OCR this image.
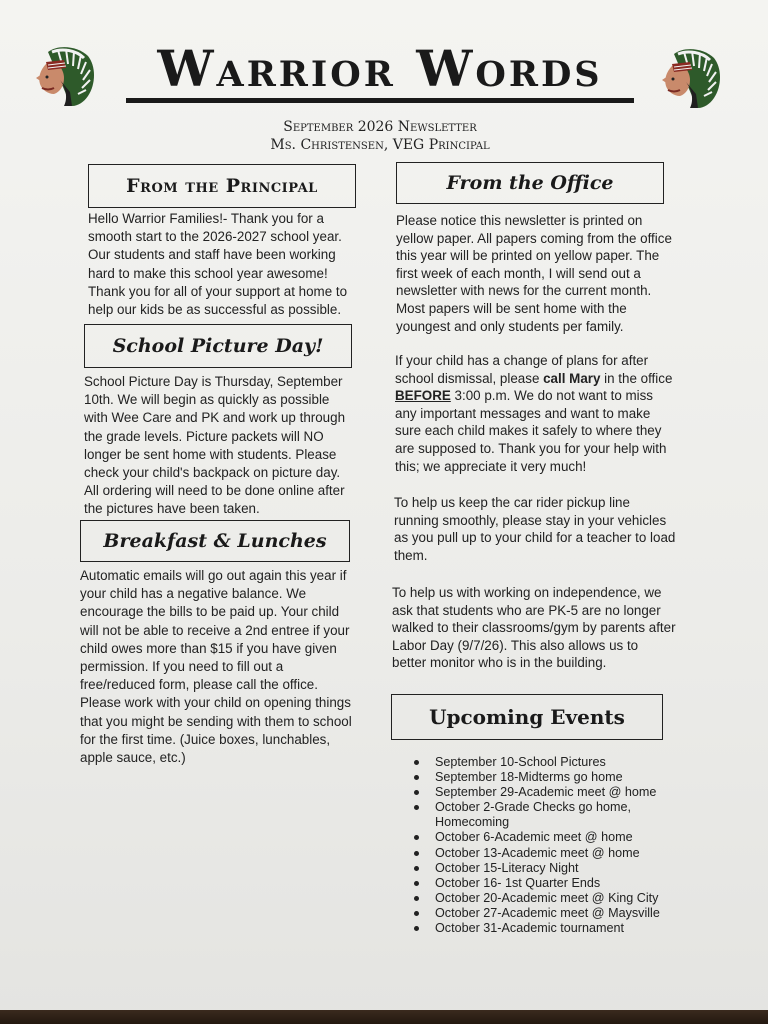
Warrior Words
September 2026 Newsletter
Ms. Christensen, VEG Principal
From the Principal
Hello Warrior Families!- Thank you for a smooth start to the 2026-2027 school year. Our students and staff have been working hard to make this school year awesome! Thank you for all of your support at home to help our kids be as successful as possible.
School Picture Day!
School Picture Day is Thursday, September 10th. We will begin as quickly as possible with Wee Care and PK and work up through the grade levels. Picture packets will NO longer be sent home with students. Please check your child's backpack on picture day. All ordering will need to be done online after the pictures have been taken.
Breakfast & Lunches
Automatic emails will go out again this year if your child has a negative balance. We encourage the bills to be paid up. Your child will not be able to receive a 2nd entree if your child owes more than $15 if you have given permission. If you need to fill out a free/reduced form, please call the office. Please work with your child on opening things that you might be sending with them to school for the first time. (Juice boxes, lunchables, apple sauce, etc.)
From the Office
Please notice this newsletter is printed on yellow paper. All papers coming from the office this year will be printed on yellow paper. The first week of each month, I will send out a newsletter with news for the current month. Most papers will be sent home with the youngest and only students per family.
If your child has a change of plans for after school dismissal, please call Mary in the office BEFORE 3:00 p.m. We do not want to miss any important messages and want to make sure each child makes it safely to where they are supposed to. Thank you for your help with this; we appreciate it very much!
To help us keep the car rider pickup line running smoothly, please stay in your vehicles as you pull up to your child for a teacher to load them.
To help us with working on independence, we ask that students who are PK-5 are no longer walked to their classrooms/gym by parents after Labor Day (9/7/26). This also allows us to better monitor who is in the building.
Upcoming Events
September 10-School Pictures
September 18-Midterms go home
September 29-Academic meet @ home
October 2-Grade Checks go home, Homecoming
October 6-Academic meet @ home
October 13-Academic meet @ home
October 15-Literacy Night
October 16- 1st Quarter Ends
October 20-Academic meet @ King City
October 27-Academic meet @ Maysville
October 31-Academic tournament
